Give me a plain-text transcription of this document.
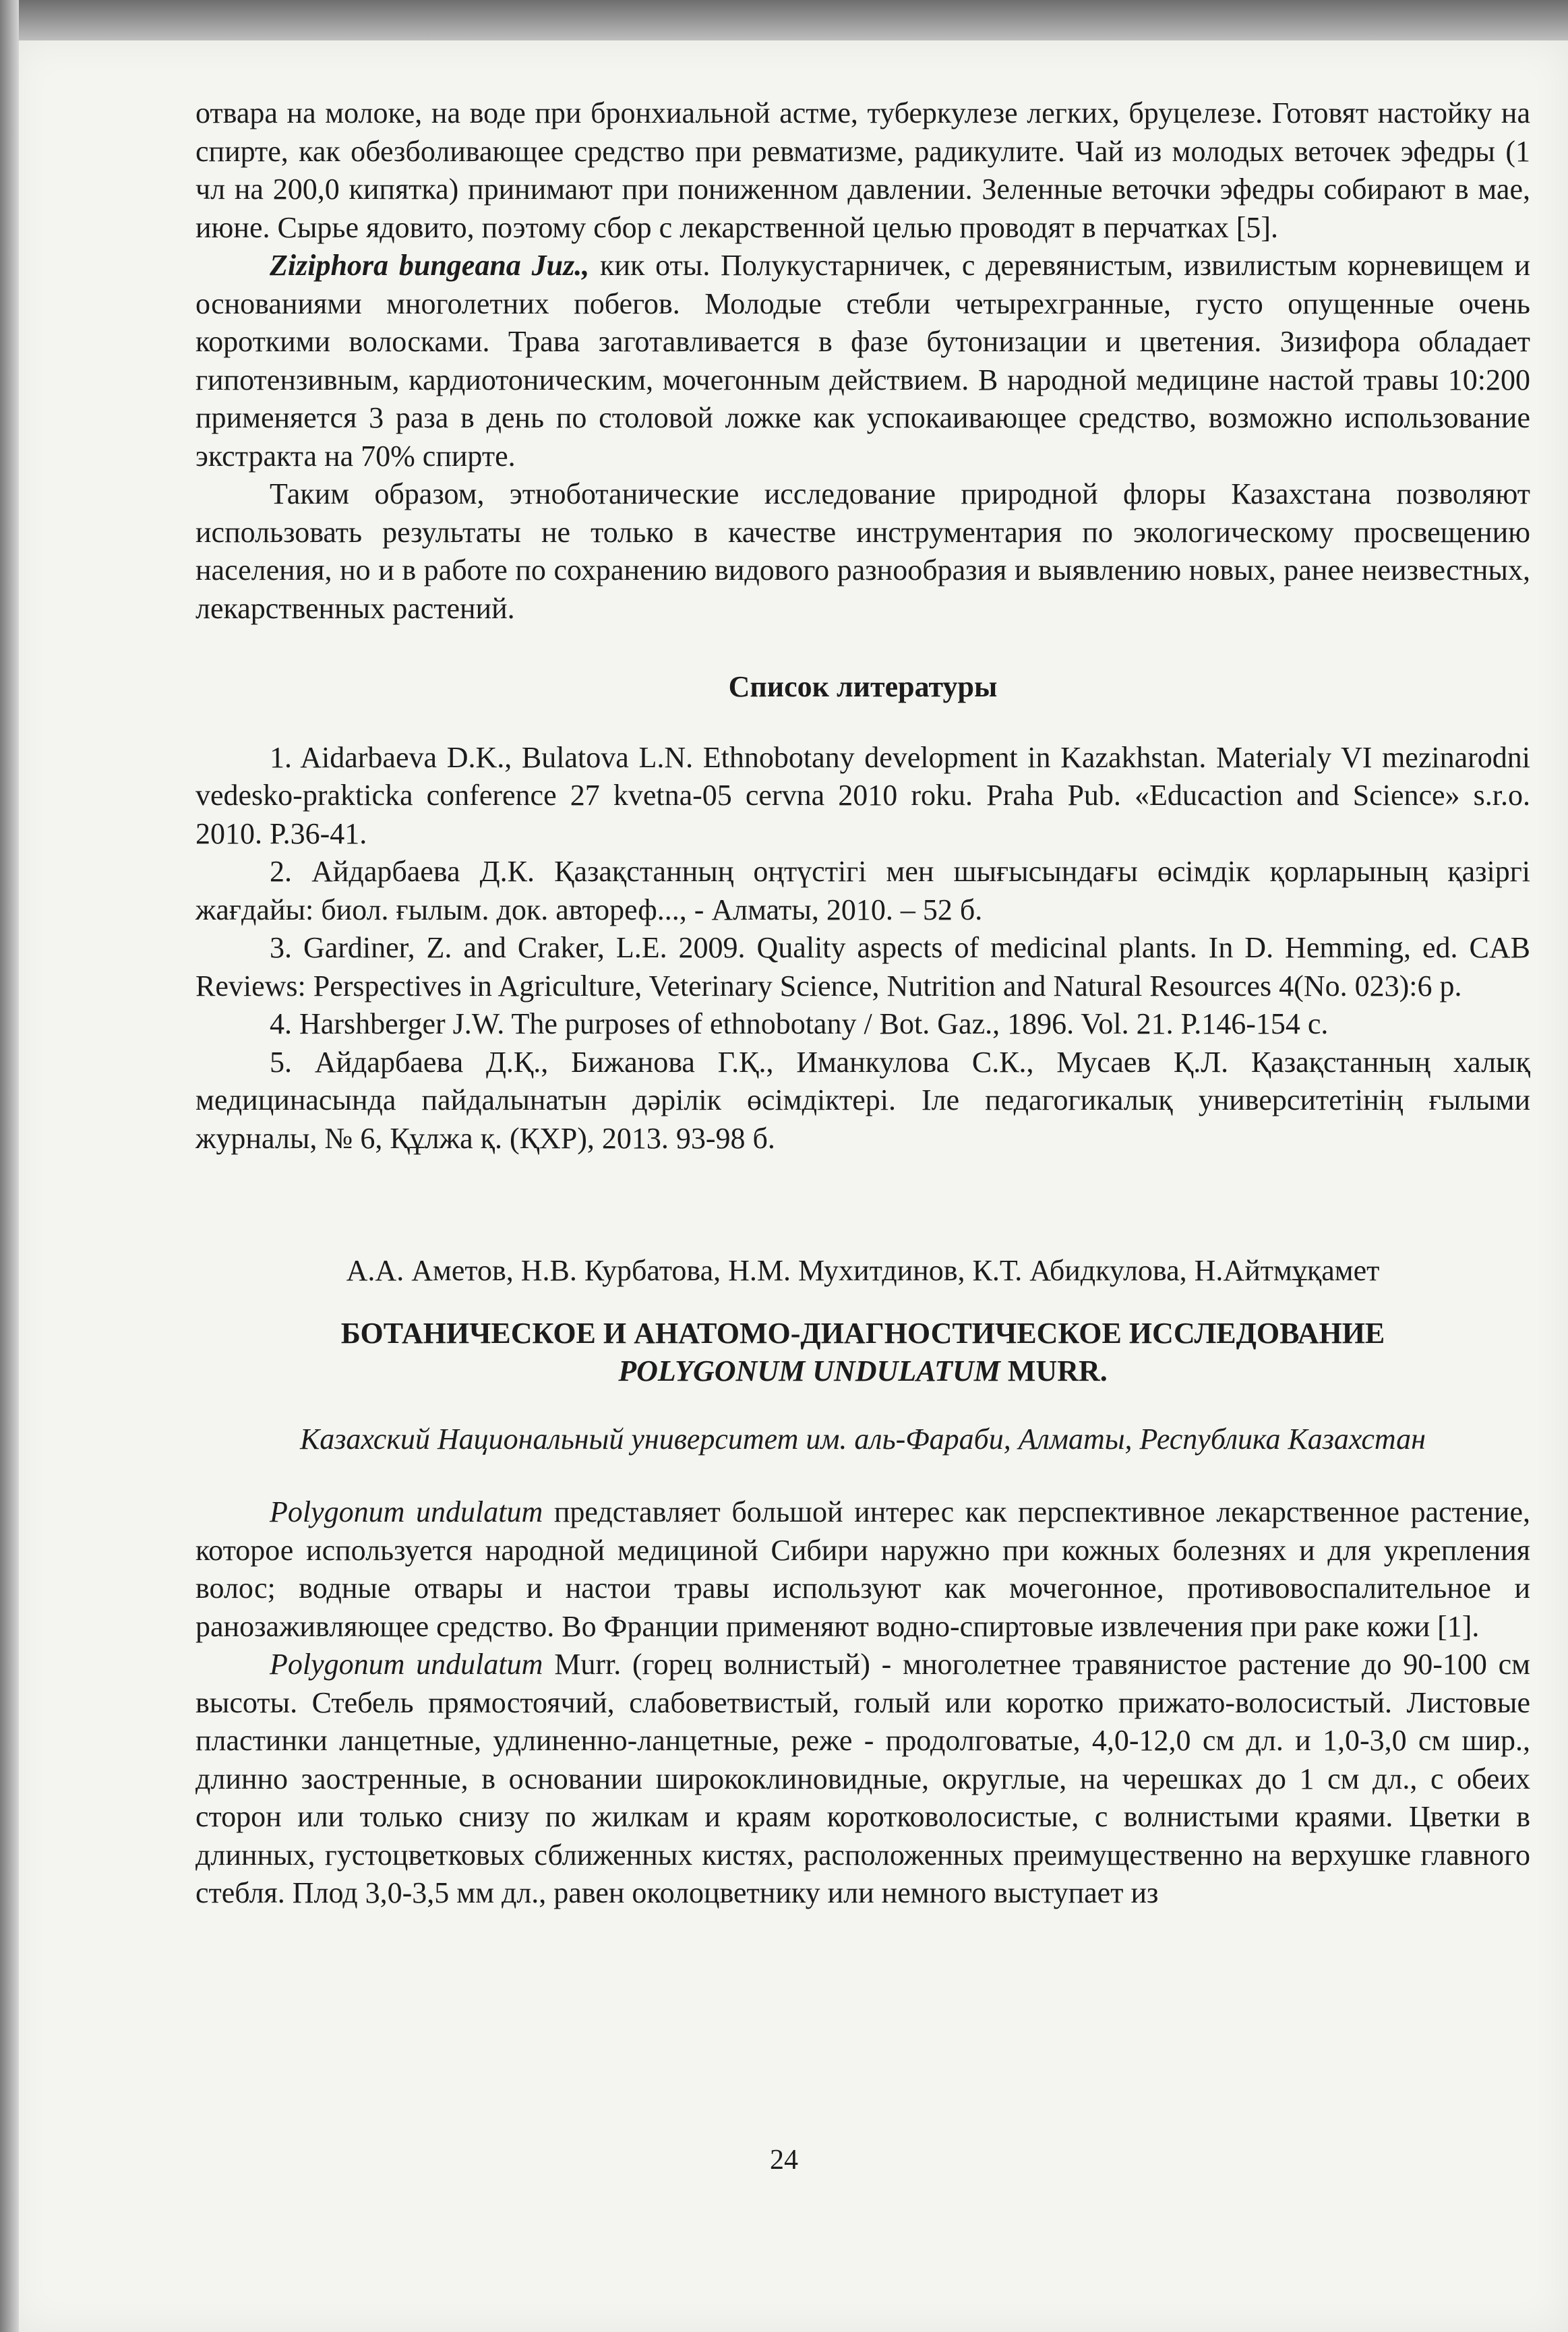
отвара на молоке, на воде при бронхиальной астме, туберкулезе легких, бруцелезе. Готовят настойку на спирте, как обезболивающее средство при ревматизме, радикулите. Чай из молодых веточек эфедры (1 чл на 200,0 кипятка) принимают при пониженном давлении. Зеленные веточки эфедры собирают в мае, июне. Сырье ядовито, поэтому сбор с лекарственной целью проводят в перчатках [5].

Ziziphora bungeana Juz., кик оты. Полукустарничек, с деревянистым, извилистым корневищем и основаниями многолетних побегов. Молодые стебли четырехгранные, густо опущенные очень короткими волосками. Трава заготавливается в фазе бутонизации и цветения. Зизифора обладает гипотензивным, кардиотоническим, мочегонным действием. В народной медицине настой травы 10:200 применяется 3 раза в день по столовой ложке как успокаивающее средство, возможно использование экстракта на 70% спирте.

Таким образом, этноботанические исследование природной флоры Казахстана позволяют использовать результаты не только в качестве инструментария по экологическому просвещению населения, но и в работе по сохранению видового разнообразия и выявлению новых, ранее неизвестных, лекарственных растений.

Список литературы

1. Aidarbaeva D.K., Bulatova L.N. Ethnobotany development in Kazakhstan. Materialy VI mezinarodni vedesko-prakticka conference 27 kvetna-05 cervna 2010 roku. Praha Pub. «Educaction and Science» s.r.o. 2010. P.36-41.

2. Айдарбаева Д.К. Қазақстанның оңтүстігі мен шығысындағы өсімдік қорларының қазіргі жағдайы: биол. ғылым. док. автореф..., - Алматы, 2010. – 52 б.

3. Gardiner, Z. and Craker, L.E. 2009. Quality aspects of medicinal plants. In D. Hemming, ed. CAB Reviews: Perspectives in Agriculture, Veterinary Science, Nutrition and Natural Resources 4(No. 023):6 p.

4. Harshberger J.W. The purposes of ethnobotany / Bot. Gaz., 1896. Vol. 21. P.146-154 c.

5. Айдарбаева Д.Қ., Бижанова Г.Қ., Иманкулова С.К., Мусаев Қ.Л. Қазақстанның халық медицинасында пайдалынатын дәрілік өсімдіктері. Іле педагогикалық университетінің ғылыми журналы, № 6, Құлжа қ. (ҚХР), 2013. 93-98 б.

А.А. Аметов, Н.В. Курбатова, Н.М. Мухитдинов, К.Т. Абидкулова, Н.Айтмұқамет
БОТАНИЧЕСКОЕ И АНАТОМО-ДИАГНОСТИЧЕСКОЕ ИССЛЕДОВАНИЕ
POLYGONUM UNDULATUM MURR.
Казахский Национальный университет им. аль-Фараби, Алматы, Республика Казахстан

Polygonum undulatum представляет большой интерес как перспективное лекарственное растение, которое используется народной медициной Сибири наружно при кожных болезнях и для укрепления волос; водные отвары и настои травы используют как мочегонное, противовоспалительное и ранозаживляющее средство. Во Франции применяют водно-спиртовые извлечения при раке кожи [1].

Polygonum undulatum Murr. (горец волнистый) - многолетнее травянистое растение до 90-100 см высоты. Стебель прямостоячий, слабоветвистый, голый или коротко прижато-волосистый. Листовые пластинки ланцетные, удлиненно-ланцетные, реже - продолговатые, 4,0-12,0 см дл. и 1,0-3,0 см шир., длинно заостренные, в основании ширококлиновидные, округлые, на черешках до 1 см дл., с обеих сторон или только снизу по жилкам и краям коротковолосистые, с волнистыми краями. Цветки в длинных, густоцветковых сближенных кистях, расположенных преимущественно на верхушке главного стебля. Плод 3,0-3,5 мм дл., равен околоцветнику или немного выступает из

24
